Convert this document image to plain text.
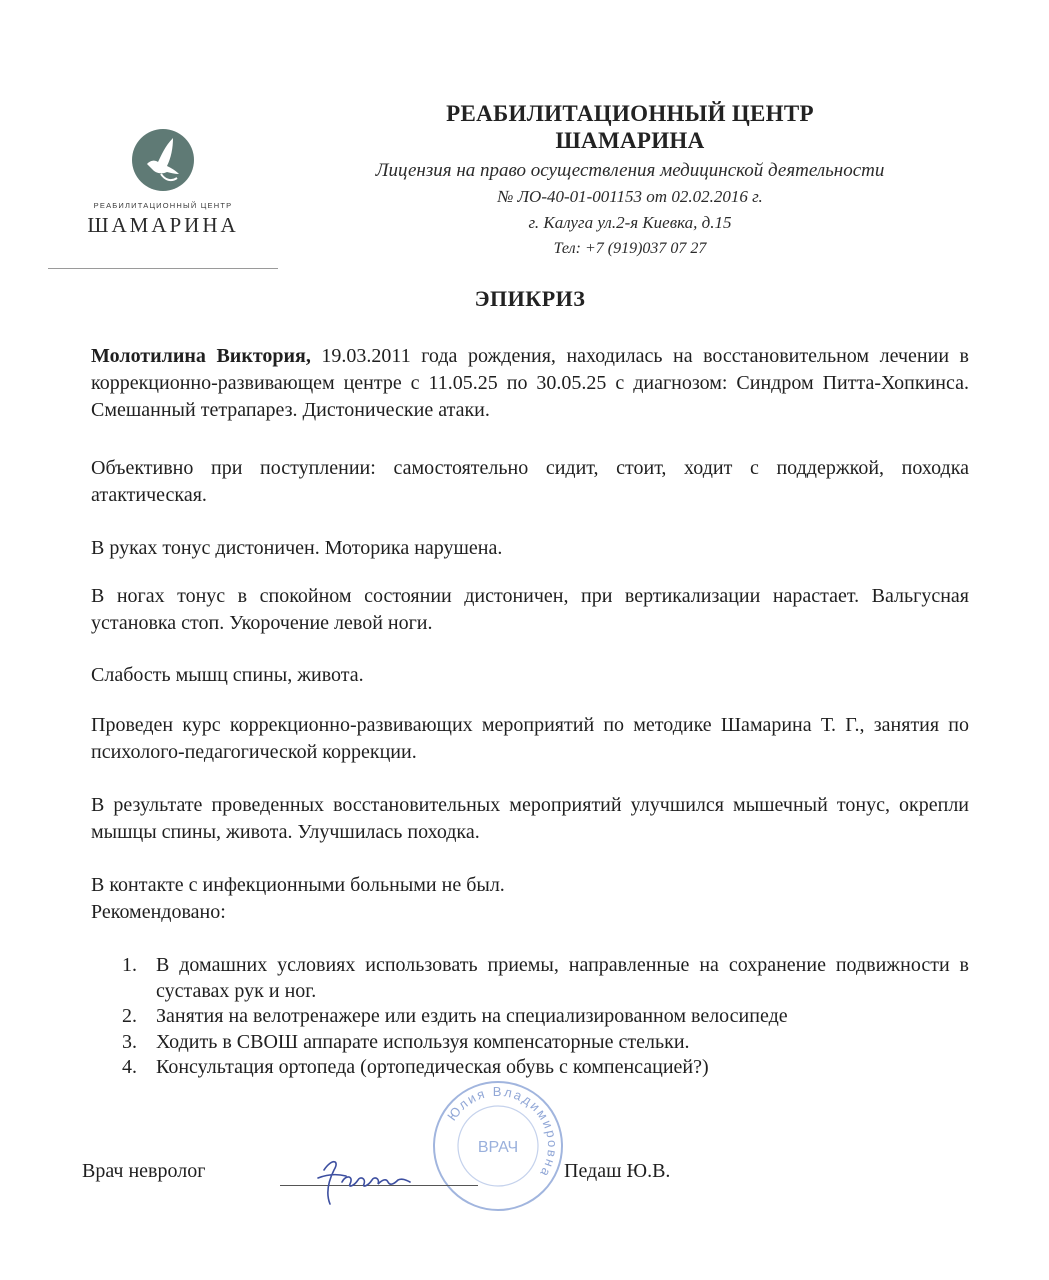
РЕАБИЛИТАЦИОННЫЙ ЦЕНТР
ШАМАРИНА
РЕАБИЛИТАЦИОННЫЙ ЦЕНТР
ШАМАРИНА
Лицензия на право осуществления медицинской деятельности
№ ЛО-40-01-001153 от 02.02.2016 г.
г. Калуга ул.2-я Киевка, д.15
Тел: +7 (919)037 07 27
ЭПИКРИЗ

Молотилина Виктория, 19.03.2011 года рождения, находилась на восстановительном лечении в коррекционно-развивающем центре с 11.05.25 по 30.05.25 с диагнозом: Синдром Питта-Хопкинса. Смешанный тетрапарез. Дистонические атаки.

Объективно при поступлении: самостоятельно сидит, стоит, ходит с поддержкой, походка атактическая.

В руках тонус дистоничен. Моторика нарушена.

В ногах тонус в спокойном состоянии дистоничен, при вертикализации нарастает. Вальгусная установка стоп. Укорочение левой ноги.

Слабость мышц спины, живота.

Проведен курс коррекционно-развивающих мероприятий по методике Шамарина Т. Г., занятия по психолого-педагогической коррекции.

В результате проведенных восстановительных мероприятий улучшился мышечный тонус, окрепли мышцы спины, живота. Улучшилась походка.

В контакте с инфекционными больными не был.

Рекомендовано:

1. В домашних условиях использовать приемы, направленные на сохранение подвижности в суставах рук и ног.
2. Занятия на велотренажере или ездить на специализированном велосипеде
3. Ходить в СВОШ аппарате используя компенсаторные стельки.
4. Консультация ортопеда (ортопедическая обувь с компенсацией?)
Юлия Владимировна
ВРАЧ
Врач невролог	Педаш Ю.В.
